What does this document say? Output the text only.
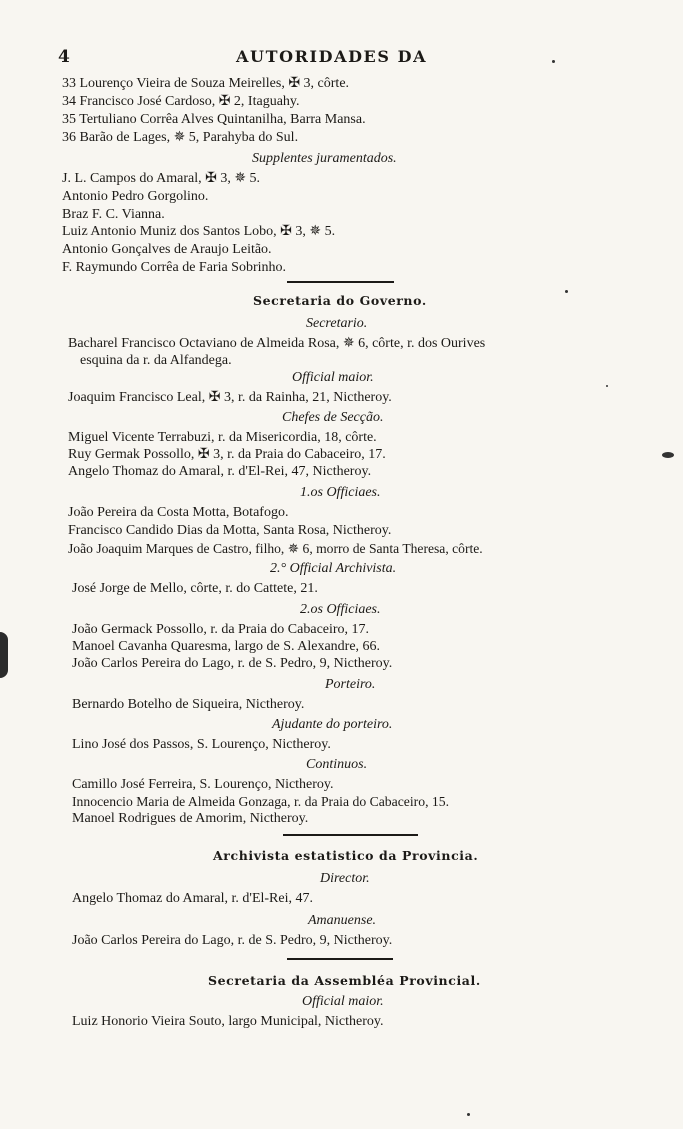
4	AUTORIDADES DA
33 Lourenço Vieira de Souza Meirelles, ✠ 3, côrte.
34 Francisco José Cardoso, ✠ 2, Itaguahy.
35 Tertuliano Corrêa Alves Quintanilha, Barra Mansa.
36 Barão de Lages, ✵ 5, Parahyba do Sul.
Supplentes juramentados.
J. L. Campos do Amaral, ✠ 3, ✵ 5.
Antonio Pedro Gorgolino.
Braz F. C. Vianna.
Luiz Antonio Muniz dos Santos Lobo, ✠ 3, ✵ 5.
Antonio Gonçalves de Araujo Leitão.
F. Raymundo Corrêa de Faria Sobrinho.
Secretaria do Governo.
Secretario.
Bacharel Francisco Octaviano de Almeida Rosa, ✵ 6, côrte, r. dos Ourives
esquina da r. da Alfandega.
Official maior.
Joaquim Francisco Leal, ✠ 3, r. da Rainha, 21, Nictheroy.
Chefes de Secção.
Miguel Vicente Terrabuzi, r. da Misericordia, 18, côrte.
Ruy Germak Possollo, ✠ 3, r. da Praia do Cabaceiro, 17.
Angelo Thomaz do Amaral, r. d'El-Rei, 47, Nictheroy.
1.os Officiaes.
João Pereira da Costa Motta, Botafogo.
Francisco Candido Dias da Motta, Santa Rosa, Nictheroy.
João Joaquim Marques de Castro, filho, ✵ 6, morro de Santa Theresa, côrte.
2.° Official Archivista.
José Jorge de Mello, côrte, r. do Cattete, 21.
2.os Officiaes.
João Germack Possollo, r. da Praia do Cabaceiro, 17.
Manoel Cavanha Quaresma, largo de S. Alexandre, 66.
João Carlos Pereira do Lago, r. de S. Pedro, 9, Nictheroy.
Porteiro.
Bernardo Botelho de Siqueira, Nictheroy.
Ajudante do porteiro.
Lino José dos Passos, S. Lourenço, Nictheroy.
Continuos.
Camillo José Ferreira, S. Lourenço, Nictheroy.
Innocencio Maria de Almeida Gonzaga, r. da Praia do Cabaceiro, 15.
Manoel Rodrigues de Amorim, Nictheroy.
Archivista estatistico da Provincia.
Director.
Angelo Thomaz do Amaral, r. d'El-Rei, 47.
Amanuense.
João Carlos Pereira do Lago, r. de S. Pedro, 9, Nictheroy.
Secretaria da Assembléa Provincial.
Official maior.
Luiz Honorio Vieira Souto, largo Municipal, Nictheroy.
